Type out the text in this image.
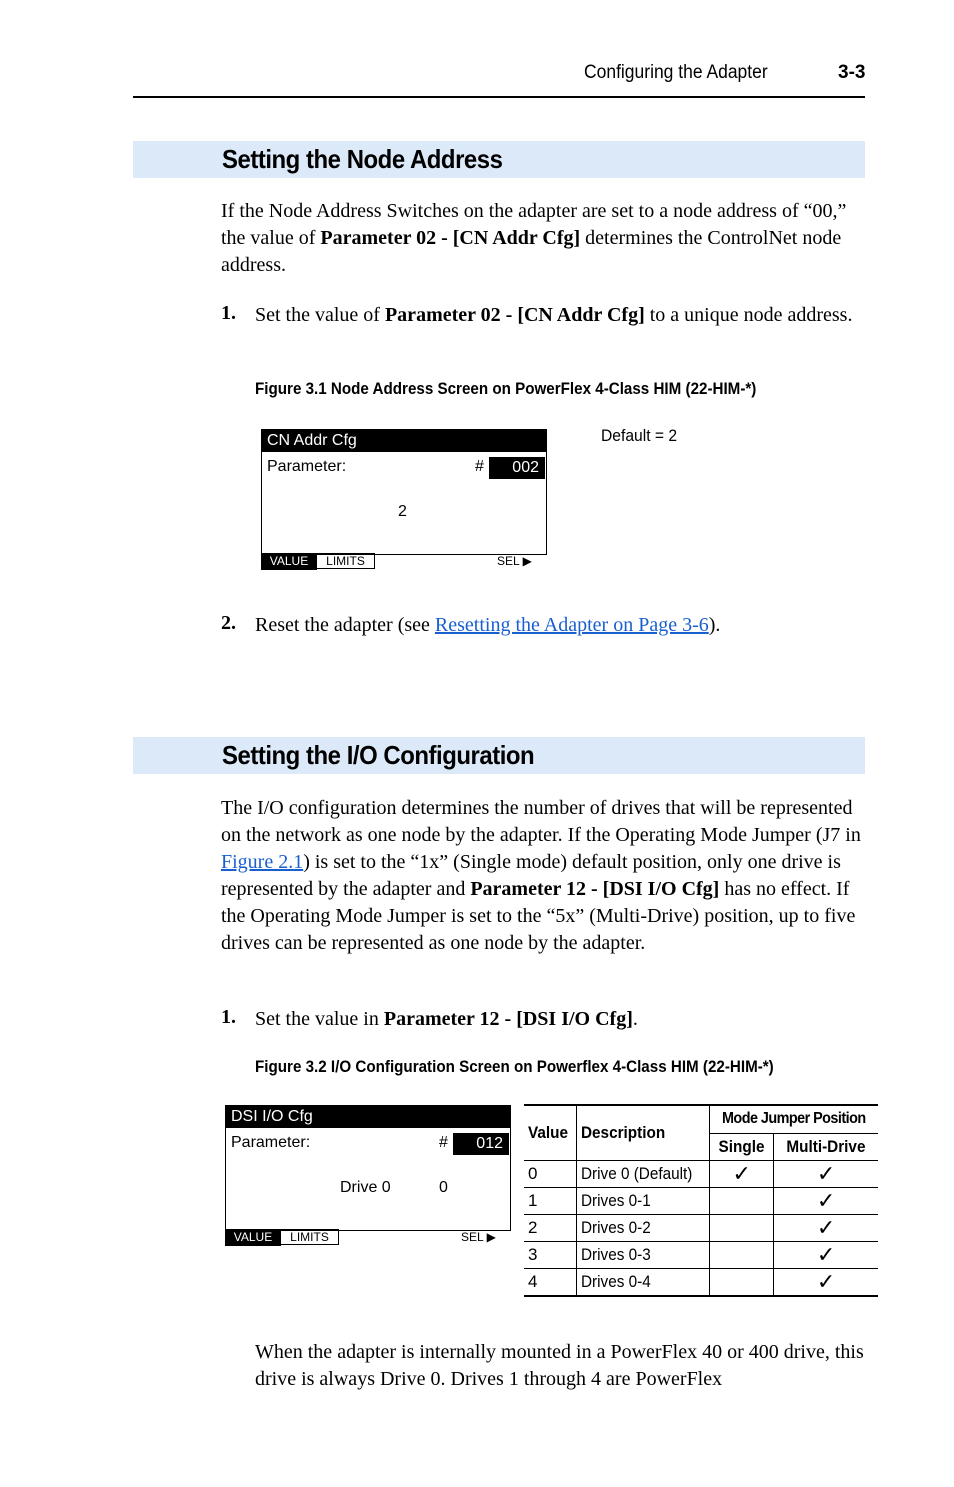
Configuring the Adapter	3-3
Setting the Node Address
If the Node Address Switches on the adapter are set to a node address of “00,” the value of Parameter 02 - [CN Addr Cfg] determines the ControlNet node address.
1. Set the value of Parameter 02 - [CN Addr Cfg] to a unique node address.
Figure 3.1 Node Address Screen on PowerFlex 4-Class HIM (22-HIM-*)
CN Addr Cfg
Parameter:	#	002
2
VALUE	LIMITS	SEL ▶
Default = 2
2. Reset the adapter (see Resetting the Adapter on Page 3-6).
Setting the I/O Configuration
The I/O configuration determines the number of drives that will be represented on the network as one node by the adapter. If the Operating Mode Jumper (J7 in Figure 2.1) is set to the “1x” (Single mode) default position, only one drive is represented by the adapter and Parameter 12 - [DSI I/O Cfg] has no effect. If the Operating Mode Jumper is set to the “5x” (Multi-Drive) position, up to five drives can be represented as one node by the adapter.
1. Set the value in Parameter 12 - [DSI I/O Cfg].
Figure 3.2 I/O Configuration Screen on Powerflex 4-Class HIM (22-HIM-*)
DSI I/O Cfg
Parameter:	#	012
Drive 0	0
VALUE	LIMITS	SEL ▶
Value	Description	Mode Jumper Position	
		Single	Multi-Drive
0	Drive 0 (Default)	✓	✓
1	Drives 0-1		✓
2	Drives 0-2		✓
3	Drives 0-3		✓
4	Drives 0-4		✓
When the adapter is internally mounted in a PowerFlex 40 or 400 drive, this drive is always Drive 0. Drives 1 through 4 are PowerFlex
